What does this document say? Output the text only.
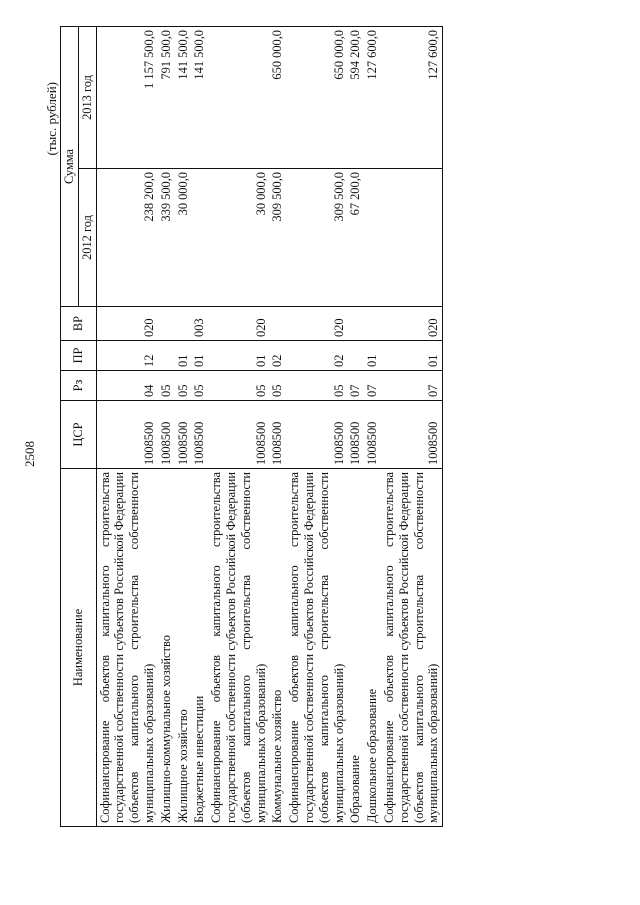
2508
(тыс. рублей)
Наименование	ЦСР	Рз	ПР	ВР	Сумма	
					2012 год	2013 год
Софинансирование объектов капитального строительства государственной собственности субъектов Российской Федерации (объектов капитального строительства собственности муниципальных образований)	1008500	04	12	020	238 200,0	1 157 500,0
Жилищно-коммунальное хозяйство	1008500	05			339 500,0	791 500,0
Жилищное хозяйство	1008500	05	01		30 000,0	141 500,0
Бюджетные инвестиции	1008500	05	01	003		141 500,0
Софинансирование объектов капитального строительства государственной собственности субъектов Российской Федерации (объектов капитального строительства собственности муниципальных образований)	1008500	05	01	020	30 000,0	
Коммунальное хозяйство	1008500	05	02		309 500,0	650 000,0
Софинансирование объектов капитального строительства государственной собственности субъектов Российской Федерации (объектов капитального строительства собственности муниципальных образований)	1008500	05	02	020	309 500,0	650 000,0
Образование	1008500	07			67 200,0	594 200,0
Дошкольное образование	1008500	07	01			127 600,0
Софинансирование объектов капитального строительства государственной собственности субъектов Российской Федерации (объектов капитального строительства собственности муниципальных образований)	1008500	07	01	020		127 600,0
